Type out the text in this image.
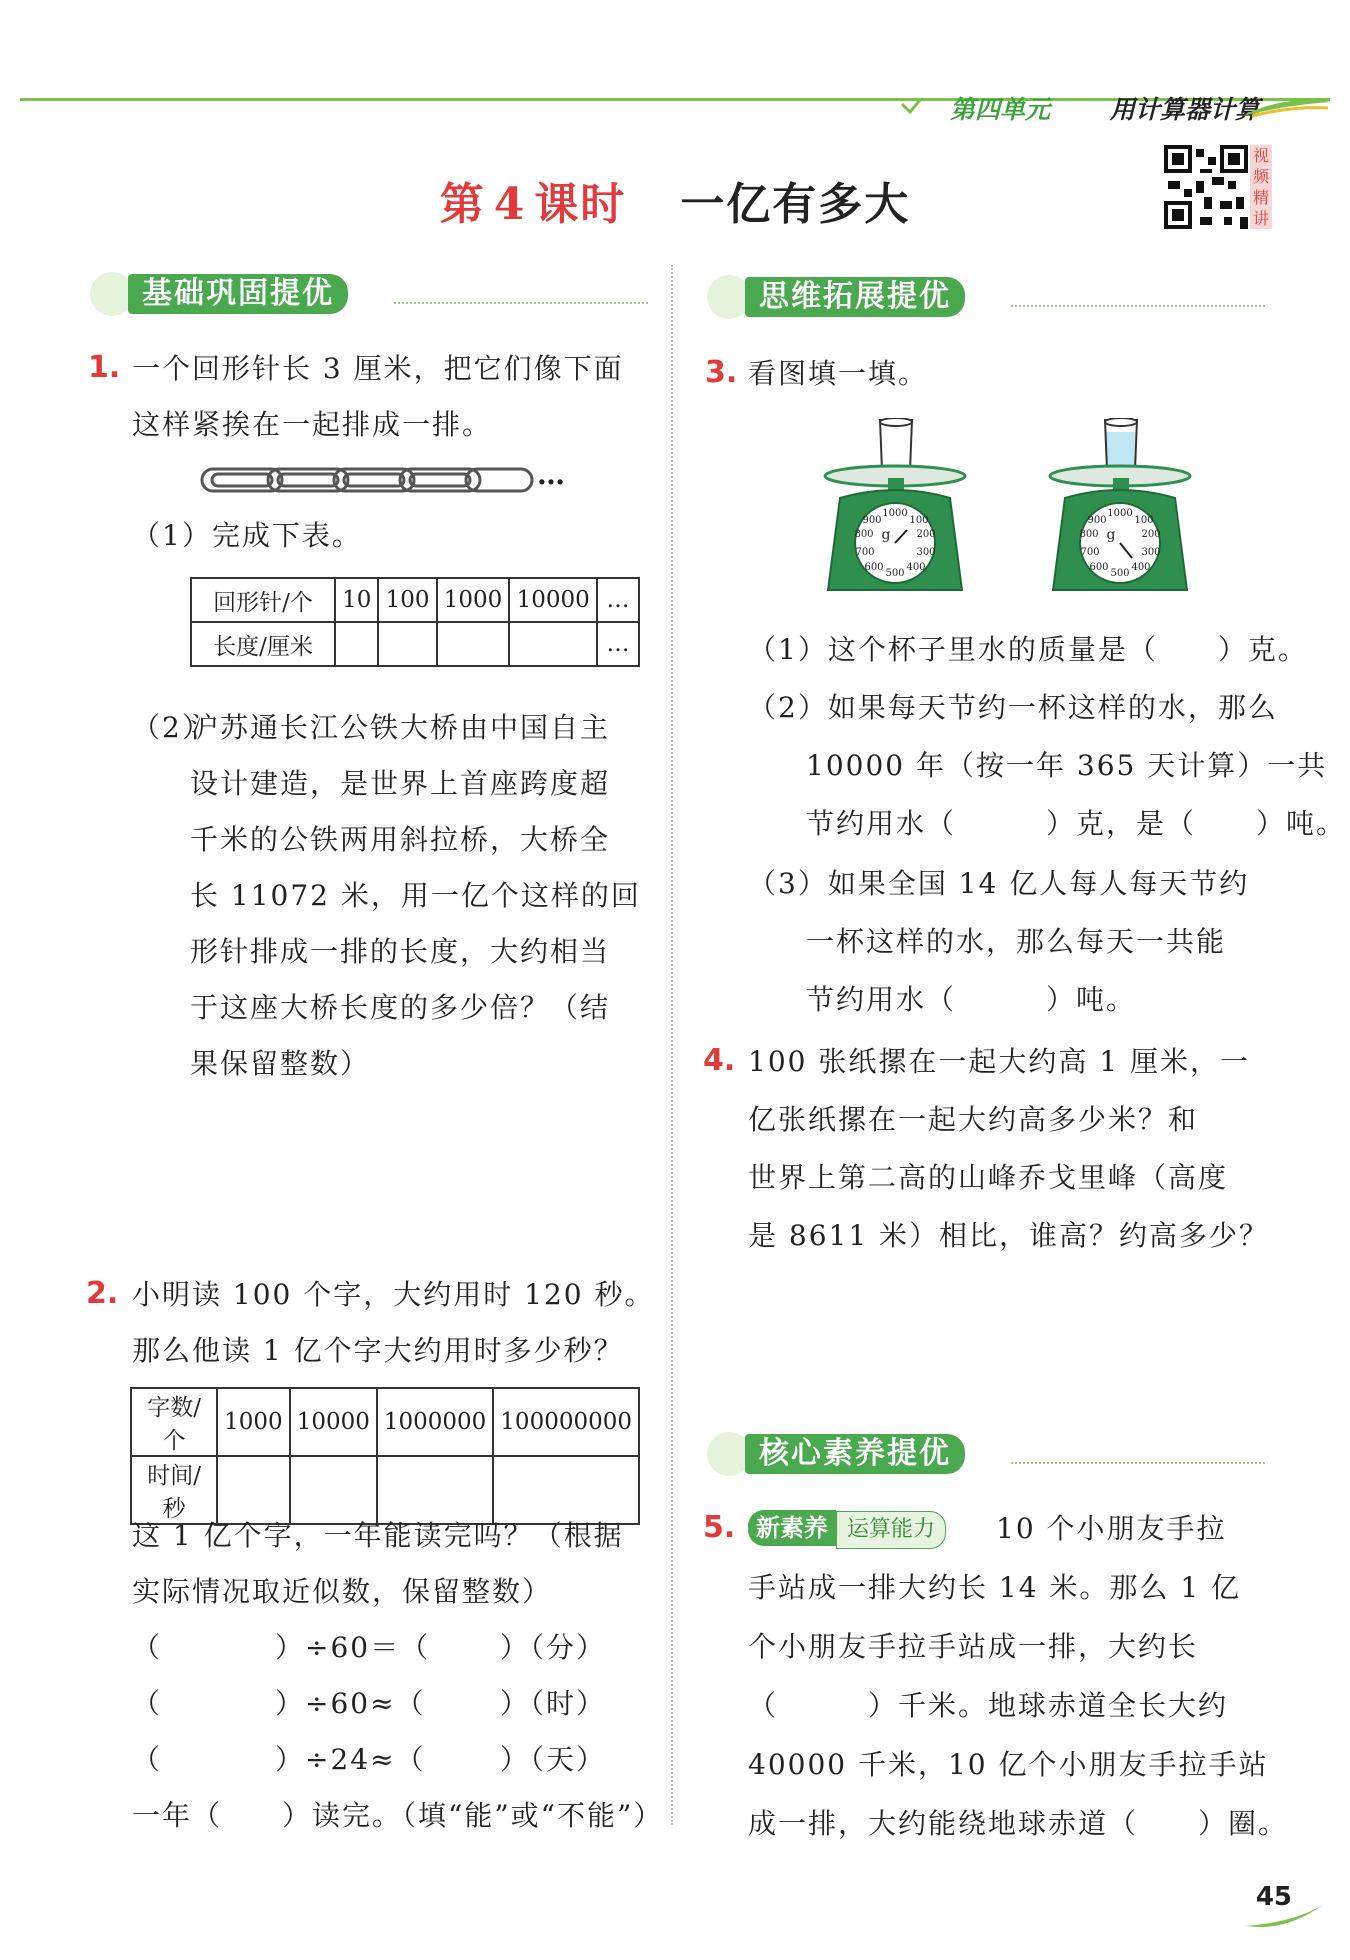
第四单元 用计算器计算
第 4 课时 一亿有多大
视频精讲
基础巩固提优
1. 一个回形针长 3 厘米，把它们像下面
这样紧挨在一起排成一排。
…
（1）完成下表。
回形针/个	10	100	1000	10000	…
长度/厘米					…
（2）
沪苏通长江公铁大桥由中国自主
设计建造，是世界上首座跨度超
千米的公铁两用斜拉桥，大桥全
长 11072 米，用一亿个这样的回
形针排成一排的长度，大约相当
于这座大桥长度的多少倍？（结
果保留整数）
2. 小明读 100 个字，大约用时 120 秒。
那么他读 1 亿个字大约用时多少秒？
字数/个	1000	10000	1000000	100000000
时间/秒				
这 1 亿个字，一年能读完吗？（根据
实际情况取近似数，保留整数）
（	）÷60＝（ ）（分）
（	）÷60≈（	）（时）
（	）÷24≈（	）（天）
一年（　　）读完。（填“能”或“不能”）
思维拓展提优
3. 看图填一填。
1000
100
900
200
800
300
700
400
600
500
g
1000
100
900
200
800
300
700
400
600
500
g
（1）这个杯子里水的质量是（　　）克。
（2）如果每天节约一杯这样的水，那么
10000 年（按一年 365 天计算）一共
节约用水（　　　）克，是（　　）吨。
（3）如果全国 14 亿人每人每天节约
一杯这样的水，那么每天一共能
节约用水（　　　）吨。
4. 100 张纸摞在一起大约高 1 厘米，一
亿张纸摞在一起大约高多少米？和
世界上第二高的山峰乔戈里峰（高度
是 8611 米）相比，谁高？约高多少？
核心素养提优
5. 新素养 运算能力	10 个小朋友手拉
手站成一排大约长 14 米。那么 1 亿
个小朋友手拉手站成一排，大约长
（　　　）千米。地球赤道全长大约
40000 千米，10 亿个小朋友手拉手站
成一排，大约能绕地球赤道（　　）圈。
45
